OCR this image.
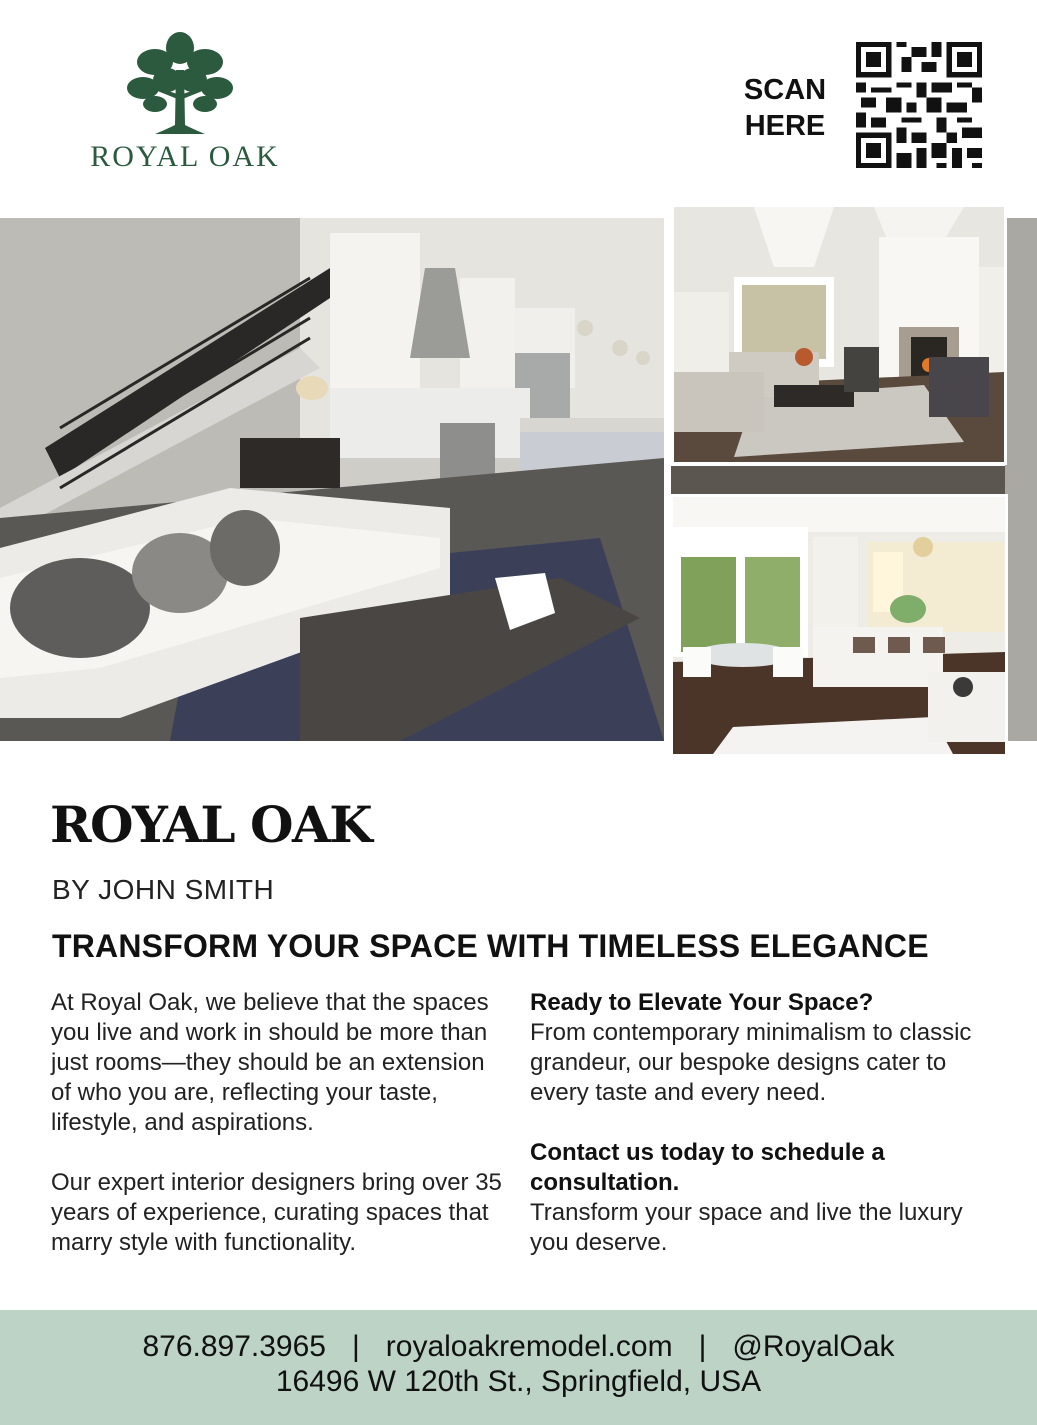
ROYAL OAK
SCAN
HERE
ROYAL OAK
BY JOHN SMITH
TRANSFORM YOUR SPACE WITH TIMELESS ELEGANCE

At Royal Oak, we believe that the spaces you live and work in should be more than just rooms—they should be an extension of who you are, reflecting your taste, lifestyle, and aspirations.

Our expert interior designers bring over 35 years of experience, curating spaces that marry style with functionality.

Ready to Elevate Your Space?
From contemporary minimalism to classic grandeur, our bespoke designs cater to every taste and every need.

Contact us today to schedule a consultation.
Transform your space and live the luxury you deserve.

876.897.3965 | royaloakremodel.com | @RoyalOak
16496 W 120th St., Springfield, USA
